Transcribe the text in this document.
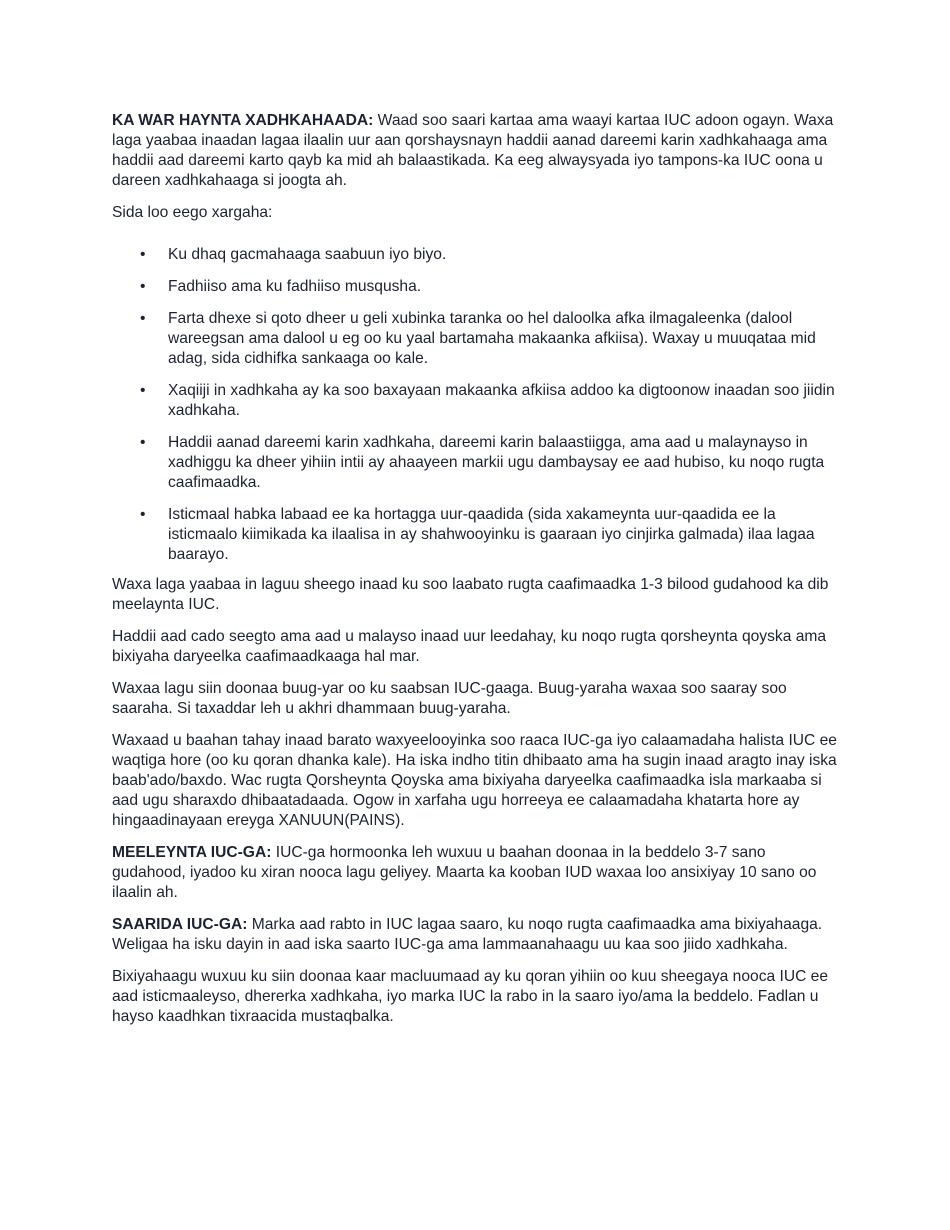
KA WAR HAYNTA XADHKAHAADA: Waad soo saari kartaa ama waayi kartaa IUC adoon ogayn. Waxa laga yaabaa inaadan lagaa ilaalin uur aan qorshaysnayn haddii aanad dareemi karin xadhkahaaga ama haddii aad dareemi karto qayb ka mid ah balaastikada. Ka eeg alwaysyada iyo tampons-ka IUC oona u dareen xadhkahaaga si joogta ah.

Sida loo eego xargaha:

• Ku dhaq gacmahaaga saabuun iyo biyo.
• Fadhiiso ama ku fadhiiso musqusha.
• Farta dhexe si qoto dheer u geli xubinka taranka oo hel daloolka afka ilmagaleenka (dalool wareegsan ama dalool u eg oo ku yaal bartamaha makaanka afkiisa). Waxay u muuqataa mid adag, sida cidhifka sankaaga oo kale.
• Xaqiiji in xadhkaha ay ka soo baxayaan makaanka afkiisa addoo ka digtoonow inaadan soo jiidin xadhkaha.
• Haddii aanad dareemi karin xadhkaha, dareemi karin balaastiigga, ama aad u malaynayso in xadhiggu ka dheer yihiin intii ay ahaayeen markii ugu dambaysay ee aad hubiso, ku noqo rugta caafimaadka.
• Isticmaal habka labaad ee ka hortagga uur-qaadida (sida xakameynta uur-qaadida ee la isticmaalo kiimikada ka ilaalisa in ay shahwooyinku is gaaraan iyo cinjirka galmada) ilaa lagaa baarayo.

Waxa laga yaabaa in laguu sheego inaad ku soo laabato rugta caafimaadka 1-3 bilood gudahood ka dib meelaynta IUC.

Haddii aad cado seegto ama aad u malayso inaad uur leedahay, ku noqo rugta qorsheynta qoyska ama bixiyaha daryeelka caafimaadkaaga hal mar.

Waxaa lagu siin doonaa buug-yar oo ku saabsan IUC-gaaga. Buug-yaraha waxaa soo saaray soo saaraha. Si taxaddar leh u akhri dhammaan buug-yaraha.

Waxaad u baahan tahay inaad barato waxyeelooyinka soo raaca IUC-ga iyo calaamadaha halista IUC ee waqtiga hore (oo ku qoran dhanka kale). Ha iska indho titin dhibaato ama ha sugin inaad aragto inay iska baab'ado/baxdo. Wac rugta Qorsheynta Qoyska ama bixiyaha daryeelka caafimaadka isla markaaba si aad ugu sharaxdo dhibaatadaada. Ogow in xarfaha ugu horreeya ee calaamadaha khatarta hore ay hingaadinayaan ereyga XANUUN(PAINS).

MEELEYNTA IUC-GA: IUC-ga hormoonka leh wuxuu u baahan doonaa in la beddelo 3-7 sano gudahood, iyadoo ku xiran nooca lagu geliyey. Maarta ka kooban IUD waxaa loo ansixiyay 10 sano oo ilaalin ah.

SAARIDA IUC-GA: Marka aad rabto in IUC lagaa saaro, ku noqo rugta caafimaadka ama bixiyahaaga. Weligaa ha isku dayin in aad iska saarto IUC-ga ama lammaanahaagu uu kaa soo jiido xadhkaha.

Bixiyahaagu wuxuu ku siin doonaa kaar macluumaad ay ku qoran yihiin oo kuu sheegaya nooca IUC ee aad isticmaaleyso, dhererka xadhkaha, iyo marka IUC la rabo in la saaro iyo/ama la beddelo. Fadlan u hayso kaadhkan tixraacida mustaqbalka.
